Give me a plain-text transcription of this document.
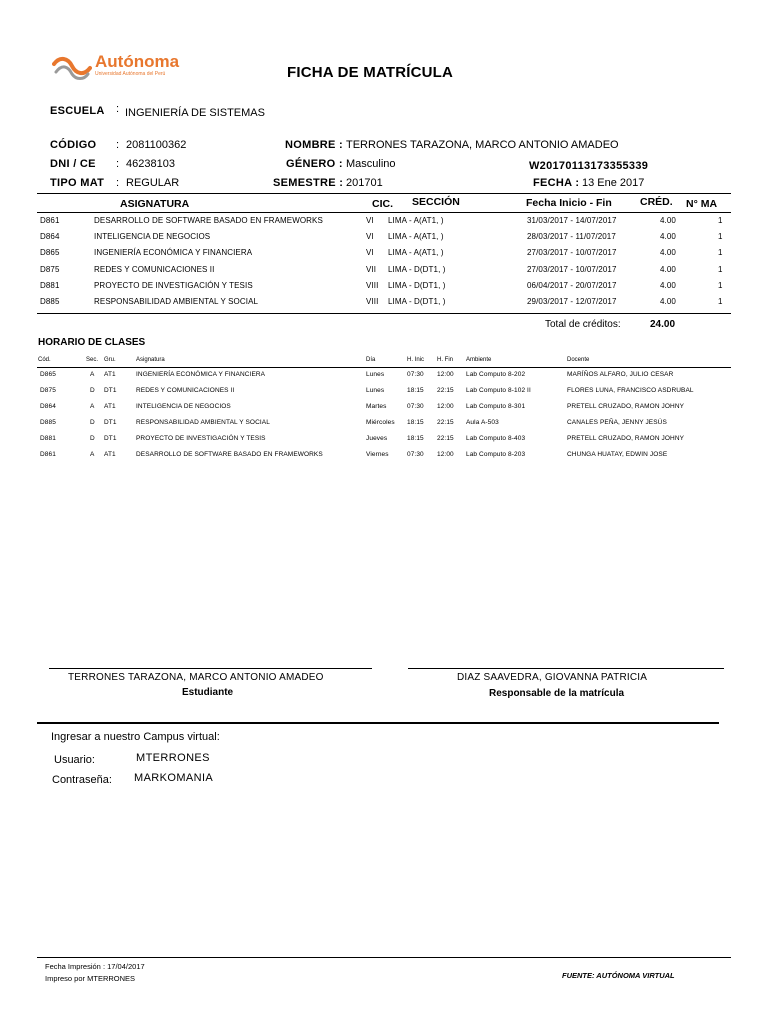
Autónoma
Universidad Autónoma del Perú	FICHA DE MATRÍCULA
ESCUELA : INGENIERÍA DE SISTEMAS
CÓDIGO : 2081100362	NOMBRE : TERRONES TARAZONA, MARCO ANTONIO AMADEO
DNI / CE : 46238103	GÉNERO : Masculino	W20170113173355339
TIPO MAT : REGULAR	SEMESTRE : 201701	FECHA : 13 Ene 2017
ASIGNATURA	CIC. SECCIÓN	Fecha Inicio - Fin	CRÉD. N° MA
D861	DESARROLLO DE SOFTWARE BASADO EN FRAMEWORKS	VI LIMA - A(AT1, )	31/03/2017 - 14/07/2017	4.00	1
D864	INTELIGENCIA DE NEGOCIOS	VI LIMA - A(AT1, )	28/03/2017 - 11/07/2017	4.00	1
D865	INGENIERÍA ECONÓMICA Y FINANCIERA	VI LIMA - A(AT1, )	27/03/2017 - 10/07/2017	4.00	1
D875	REDES Y COMUNICACIONES II	VII LIMA - D(DT1, )	27/03/2017 - 10/07/2017	4.00	1
D881	PROYECTO DE INVESTIGACIÓN Y TESIS	VIII LIMA - D(DT1, )	06/04/2017 - 20/07/2017	4.00	1
D885	RESPONSABILIDAD AMBIENTAL Y SOCIAL	VIII LIMA - D(DT1, )	29/03/2017 - 12/07/2017	4.00	1
Total de créditos:	24.00
HORARIO DE CLASES
Cód.	Sec. Gru.	Asignatura	Día	H. Inic H. Fin Ambiente	Docente
D865	A AT1	INGENIERÍA ECONÓMICA Y FINANCIERA	Lunes	07:30 12:00 Lab Computo 8-202	MARÍÑOS ALFARO, JULIO CESAR
D875	D DT1	REDES Y COMUNICACIONES II	Lunes	18:15 22:15 Lab Computo 8-102 II	FLORES LUNA, FRANCISCO ASDRUBAL
D864	A AT1	INTELIGENCIA DE NEGOCIOS	Martes	07:30 12:00 Lab Computo 8-301	PRETELL CRUZADO, RAMON JOHNY
D885	D DT1	RESPONSABILIDAD AMBIENTAL Y SOCIAL	Miércoles 18:15 22:15 Aula A-503	CANALES PEÑA, JENNY JESÚS
D881	D DT1	PROYECTO DE INVESTIGACIÓN Y TESIS	Jueves	18:15 22:15 Lab Computo 8-403	PRETELL CRUZADO, RAMON JOHNY
D861	A AT1	DESARROLLO DE SOFTWARE BASADO EN FRAMEWORKS	Viernes	07:30 12:00 Lab Computo 8-203	CHUNGA HUATAY, EDWIN JOSE
TERRONES TARAZONA, MARCO ANTONIO AMADEO
Estudiante
DIAZ SAAVEDRA, GIOVANNA PATRICIA
Responsable de la matrícula
Ingresar a nuestro Campus virtual:
Usuario:	MTERRONES
Contraseña: MARKOMANIA
Fecha Impresión : 17/04/2017
Impreso por MTERRONES	FUENTE: AUTÓNOMA VIRTUAL
